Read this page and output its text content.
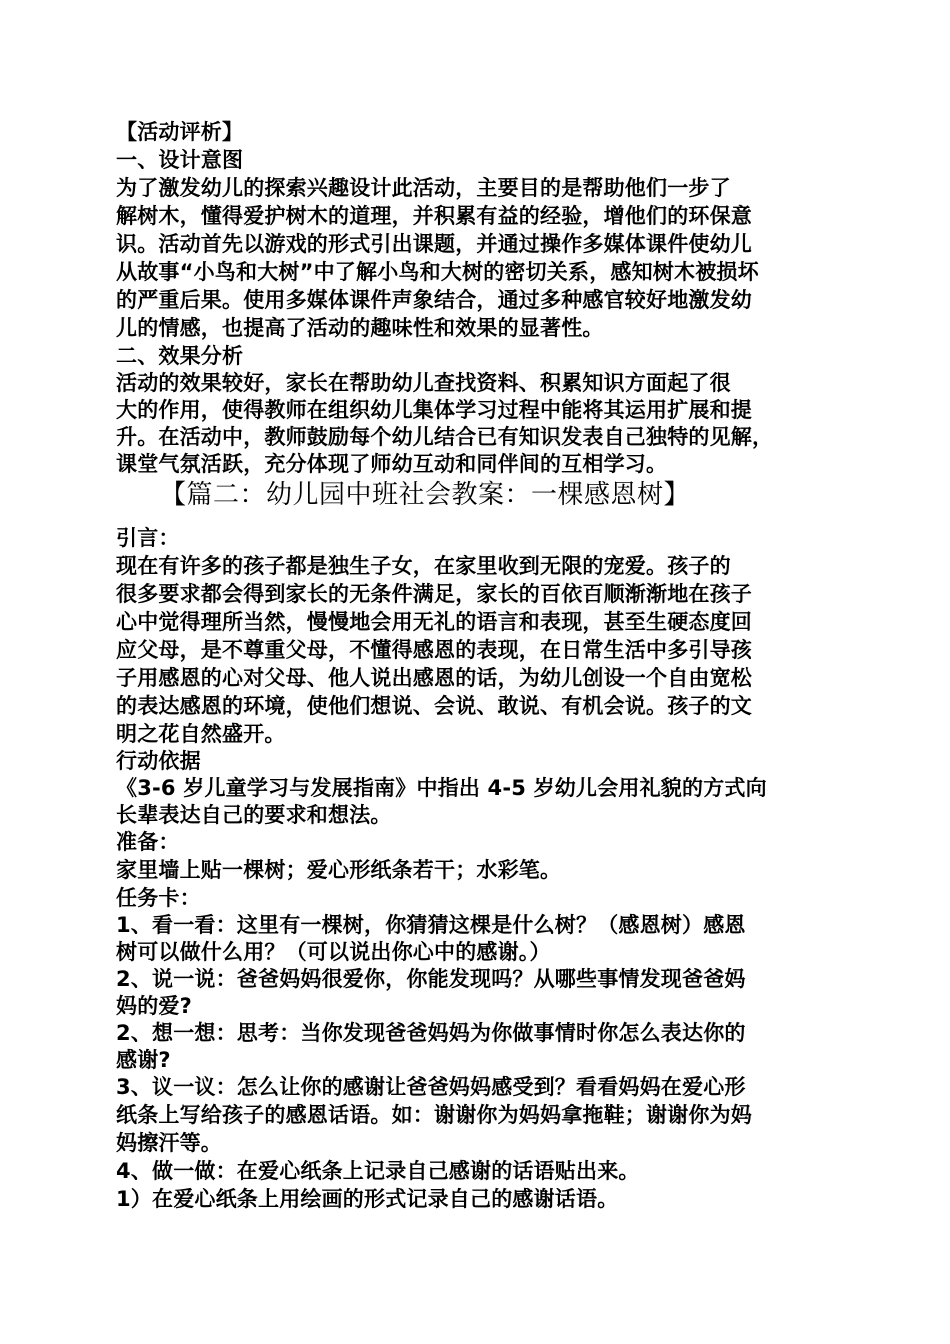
【活动评析】
一、设计意图
为了激发幼儿的探索兴趣设计此活动，主要目的是帮助他们一步了
解树木，懂得爱护树木的道理，并积累有益的经验，增他们的环保意
识。活动首先以游戏的形式引出课题，并通过操作多媒体课件使幼儿
从故事“小鸟和大树”中了解小鸟和大树的密切关系，感知树木被损坏
的严重后果。使用多媒体课件声象结合，通过多种感官较好地激发幼
儿的情感，也提高了活动的趣味性和效果的显著性。
二、效果分析
活动的效果较好，家长在帮助幼儿查找资料、积累知识方面起了很
大的作用，使得教师在组织幼儿集体学习过程中能将其运用扩展和提
升。在活动中，教师鼓励每个幼儿结合已有知识发表自己独特的见解，
课堂气氛活跃，充分体现了师幼互动和同伴间的互相学习。
【篇二：幼儿园中班社会教案：一棵感恩树】
引言：
现在有许多的孩子都是独生子女，在家里收到无限的宠爱。孩子的
很多要求都会得到家长的无条件满足，家长的百依百顺渐渐地在孩子
心中觉得理所当然，慢慢地会用无礼的语言和表现，甚至生硬态度回
应父母，是不尊重父母，不懂得感恩的表现，在日常生活中多引导孩
子用感恩的心对父母、他人说出感恩的话，为幼儿创设一个自由宽松
的表达感恩的环境，使他们想说、会说、敢说、有机会说。孩子的文
明之花自然盛开。
行动依据
《3-6 岁儿童学习与发展指南》中指出 4-5 岁幼儿会用礼貌的方式向
长辈表达自己的要求和想法。
准备：
家里墙上贴一棵树；爱心形纸条若干；水彩笔。
任务卡：
1、看一看：这里有一棵树，你猜猜这棵是什么树？（感恩树）感恩
树可以做什么用？（可以说出你心中的感谢。）
2、说一说：爸爸妈妈很爱你，你能发现吗？从哪些事情发现爸爸妈
妈的爱?
2、想一想：思考：当你发现爸爸妈妈为你做事情时你怎么表达你的
感谢?
3、议一议：怎么让你的感谢让爸爸妈妈感受到？看看妈妈在爱心形
纸条上写给孩子的感恩话语。如：谢谢你为妈妈拿拖鞋；谢谢你为妈
妈擦汗等。
4、做一做：在爱心纸条上记录自己感谢的话语贴出来。
1）在爱心纸条上用绘画的形式记录自己的感谢话语。
